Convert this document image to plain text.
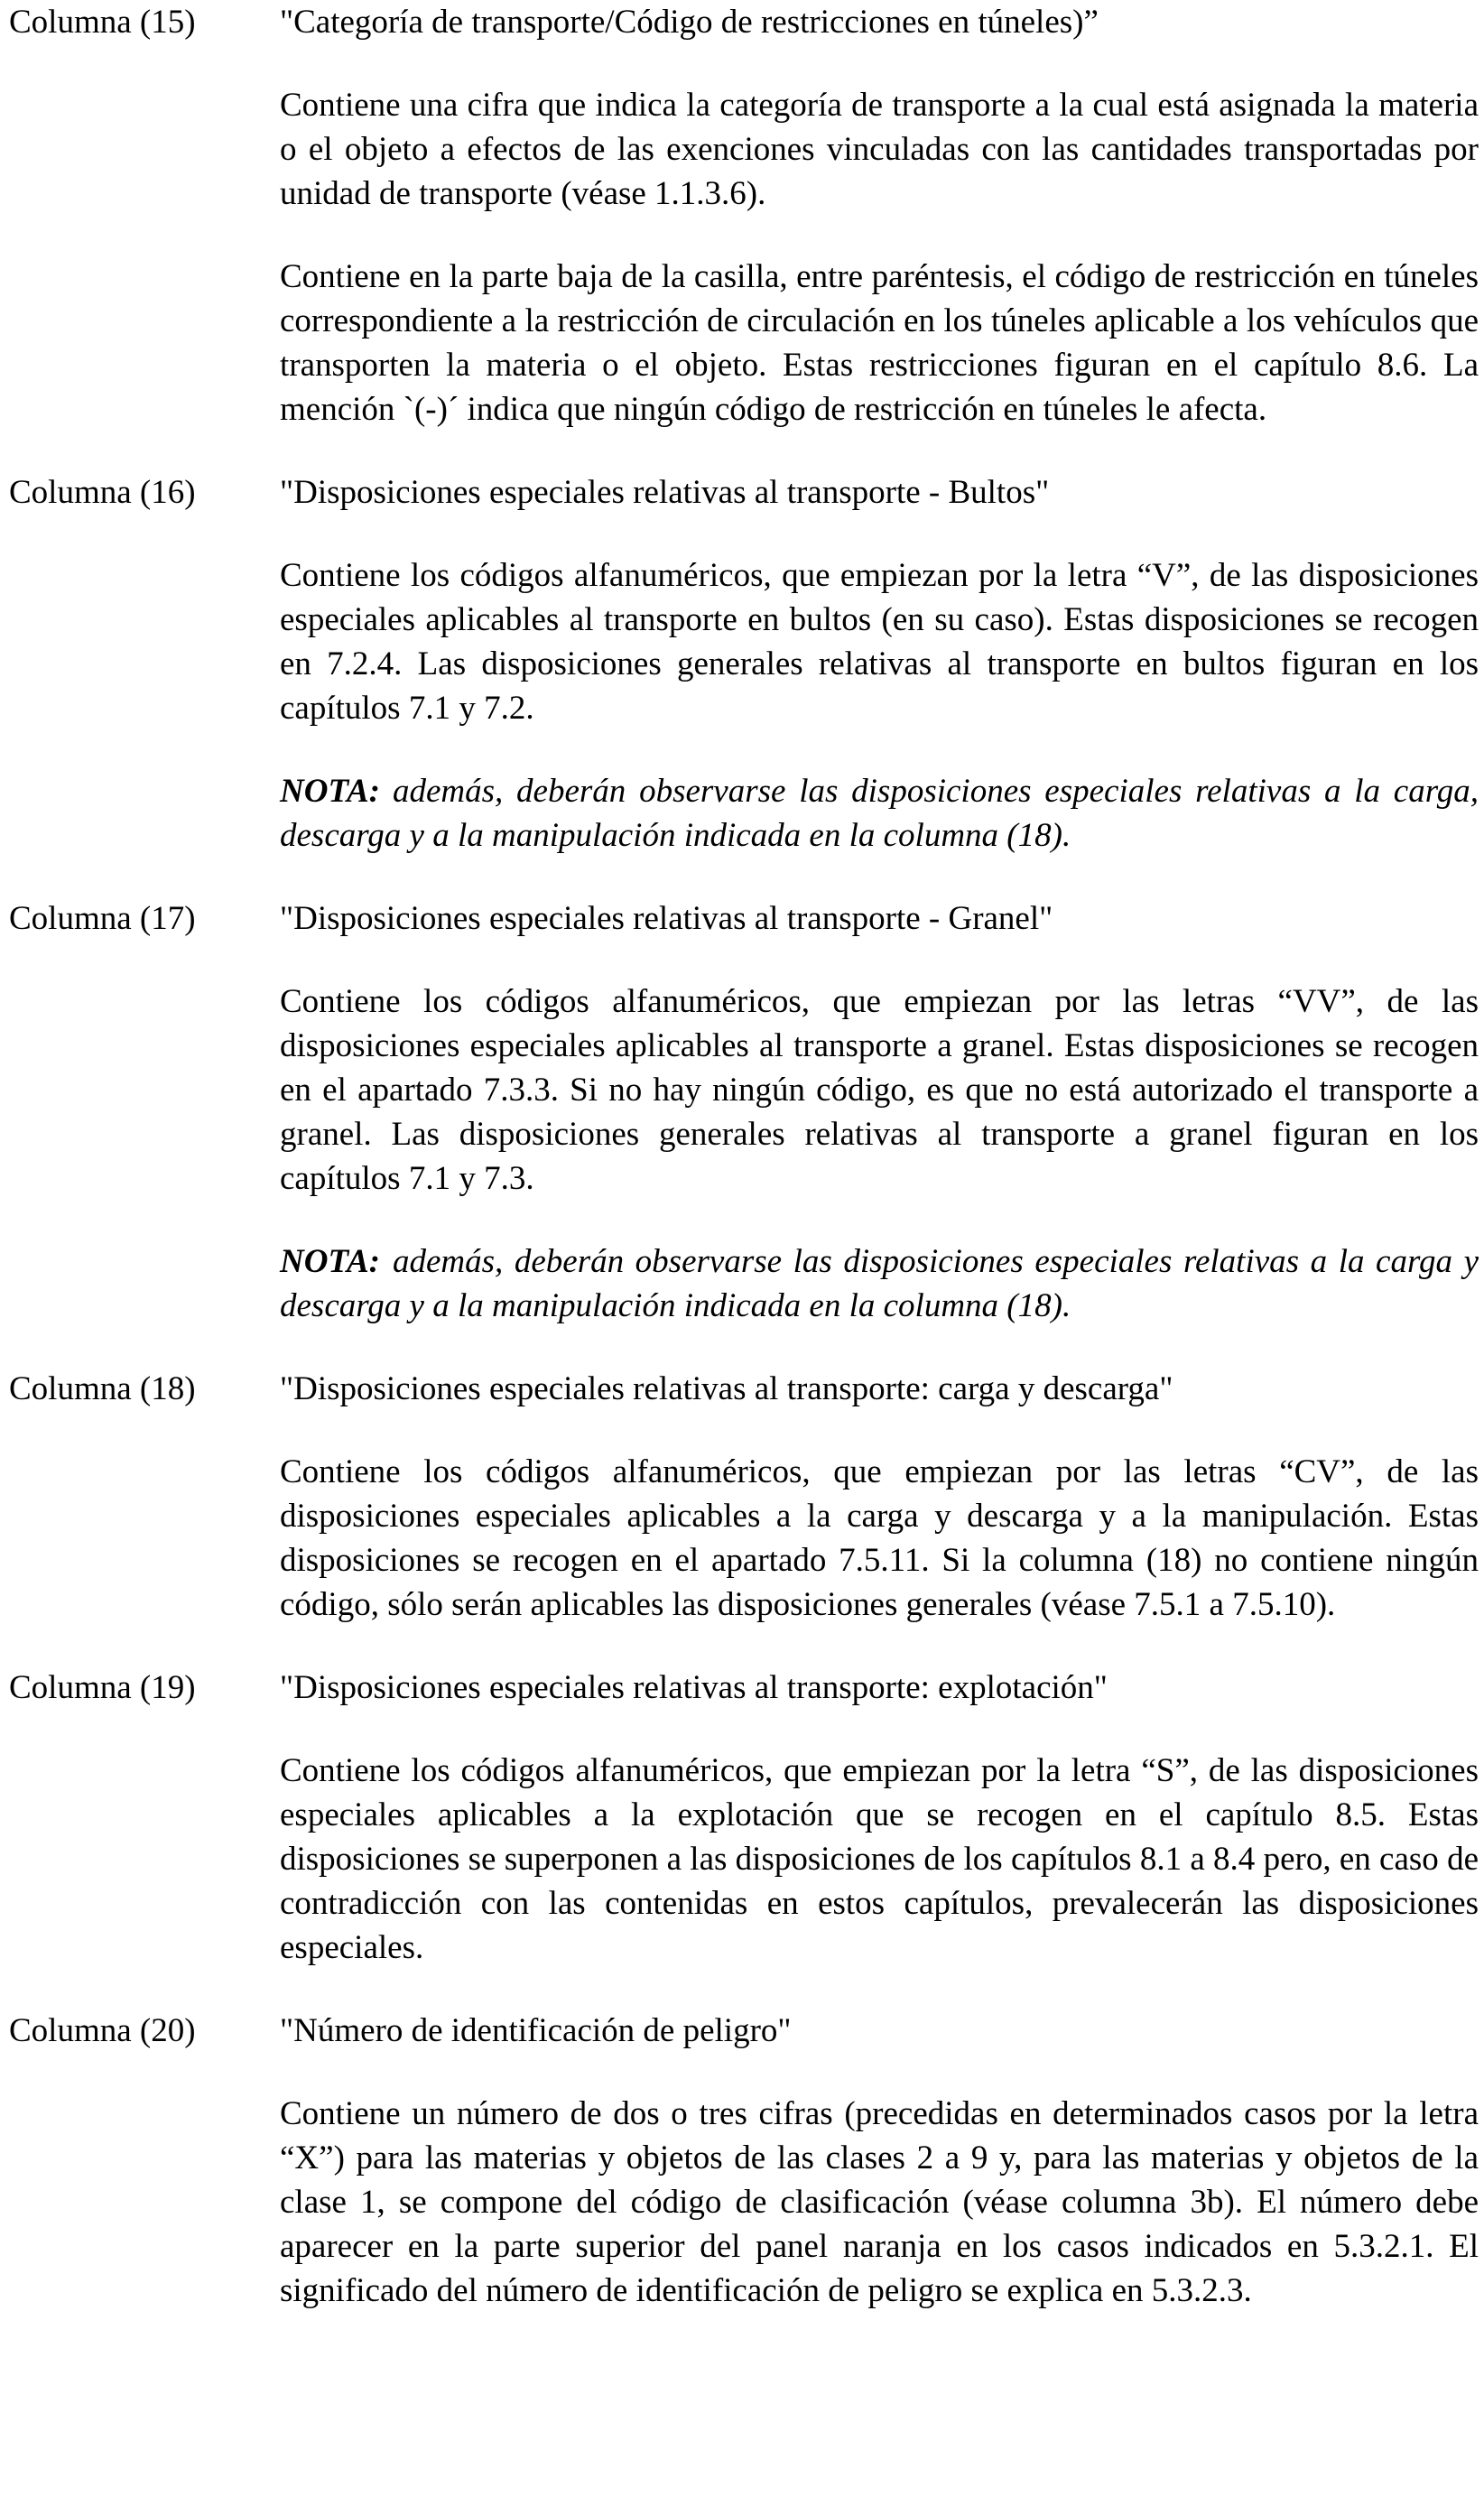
Columna (15)	"Categoría de transporte/Código de restricciones en túneles)”

Contiene una cifra que indica la categoría de transporte a la cual está asignada la materia o el objeto a efectos de las exenciones vinculadas con las cantidades transportadas por unidad de transporte (véase 1.1.3.6).

Contiene en la parte baja de la casilla, entre paréntesis, el código de restricción en túneles correspondiente a la restricción de circulación en los túneles aplicable a los vehículos que transporten la materia o el objeto. Estas restricciones figuran en el capítulo 8.6. La mención `(-)´ indica que ningún código de restricción en túneles le afecta.

Columna (16)	"Disposiciones especiales relativas al transporte - Bultos"

Contiene los códigos alfanuméricos, que empiezan por la letra “V”, de las disposiciones especiales aplicables al transporte en bultos (en su caso). Estas disposiciones se recogen en 7.2.4. Las disposiciones generales relativas al transporte en bultos figuran en los capítulos 7.1 y 7.2.

NOTA: además, deberán observarse las disposiciones especiales relativas a la carga, descarga y a la manipulación indicada en la columna (18).

Columna (17)	"Disposiciones especiales relativas al transporte - Granel"

Contiene los códigos alfanuméricos, que empiezan por las letras “VV”, de las disposiciones especiales aplicables al transporte a granel. Estas disposiciones se recogen en el apartado 7.3.3. Si no hay ningún código, es que no está autorizado el transporte a granel. Las disposiciones generales relativas al transporte a granel figuran en los capítulos 7.1 y 7.3.

NOTA: además, deberán observarse las disposiciones especiales relativas a la carga y descarga y a la manipulación indicada en la columna (18).

Columna (18)	"Disposiciones especiales relativas al transporte: carga y descarga"

Contiene los códigos alfanuméricos, que empiezan por las letras “CV”, de las disposiciones especiales aplicables a la carga y descarga y a la manipulación. Estas disposiciones se recogen en el apartado 7.5.11. Si la columna (18) no contiene ningún código, sólo serán aplicables las disposiciones generales (véase 7.5.1 a 7.5.10).

Columna (19)	"Disposiciones especiales relativas al transporte: explotación"

Contiene los códigos alfanuméricos, que empiezan por la letra “S”, de las disposiciones especiales aplicables a la explotación que se recogen en el capítulo 8.5. Estas disposiciones se superponen a las disposiciones de los capítulos 8.1 a 8.4 pero, en caso de contradicción con las contenidas en estos capítulos, prevalecerán las disposiciones especiales.

Columna (20)	"Número de identificación de peligro"

Contiene un número de dos o tres cifras (precedidas en determinados casos por la letra “X”) para las materias y objetos de las clases 2 a 9 y, para las materias y objetos de la clase 1, se compone del código de clasificación (véase columna 3b). El número debe aparecer en la parte superior del panel naranja en los casos indicados en 5.3.2.1. El significado del número de identificación de peligro se explica en 5.3.2.3.
